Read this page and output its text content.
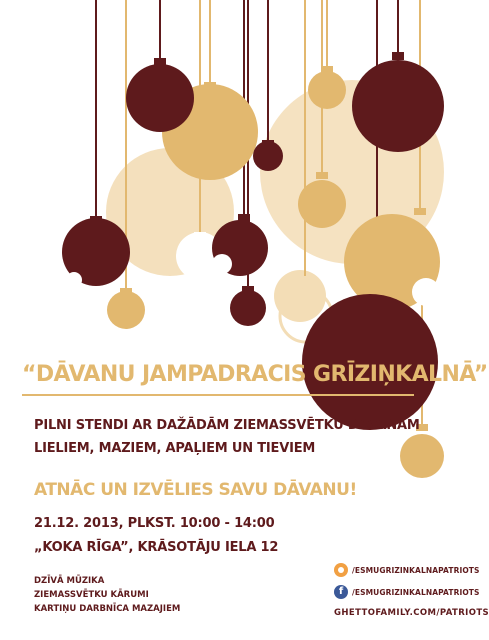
“DĀVANU JAMPADRACIS GRĪZIŅKALNĀ”
PILNI STENDI AR DAŽĀDĀM ZIEMASSVĒTKU DĀVANĀM
LIELIEM, MAZIEM, APAĻIEM UN TIEVIEM
ATNĀC UN IZVĒLIES SAVU DĀVANU!
21.12. 2013, PLKST. 10:00 - 14:00
„KOKA RĪGA”, KRĀSOTĀJU IELA 12
DZĪVĀ MŪZIKA
ZIEMASSVĒTKU KĀRUMI
KARTIŅU DARBNĪCA MAZAJIEM
/ESMUGRIZINKALNAPATRIOTS
f	/ESMUGRIZINKALNAPATRIOTS
GHETTOFAMILY.COM/PATRIOTS
